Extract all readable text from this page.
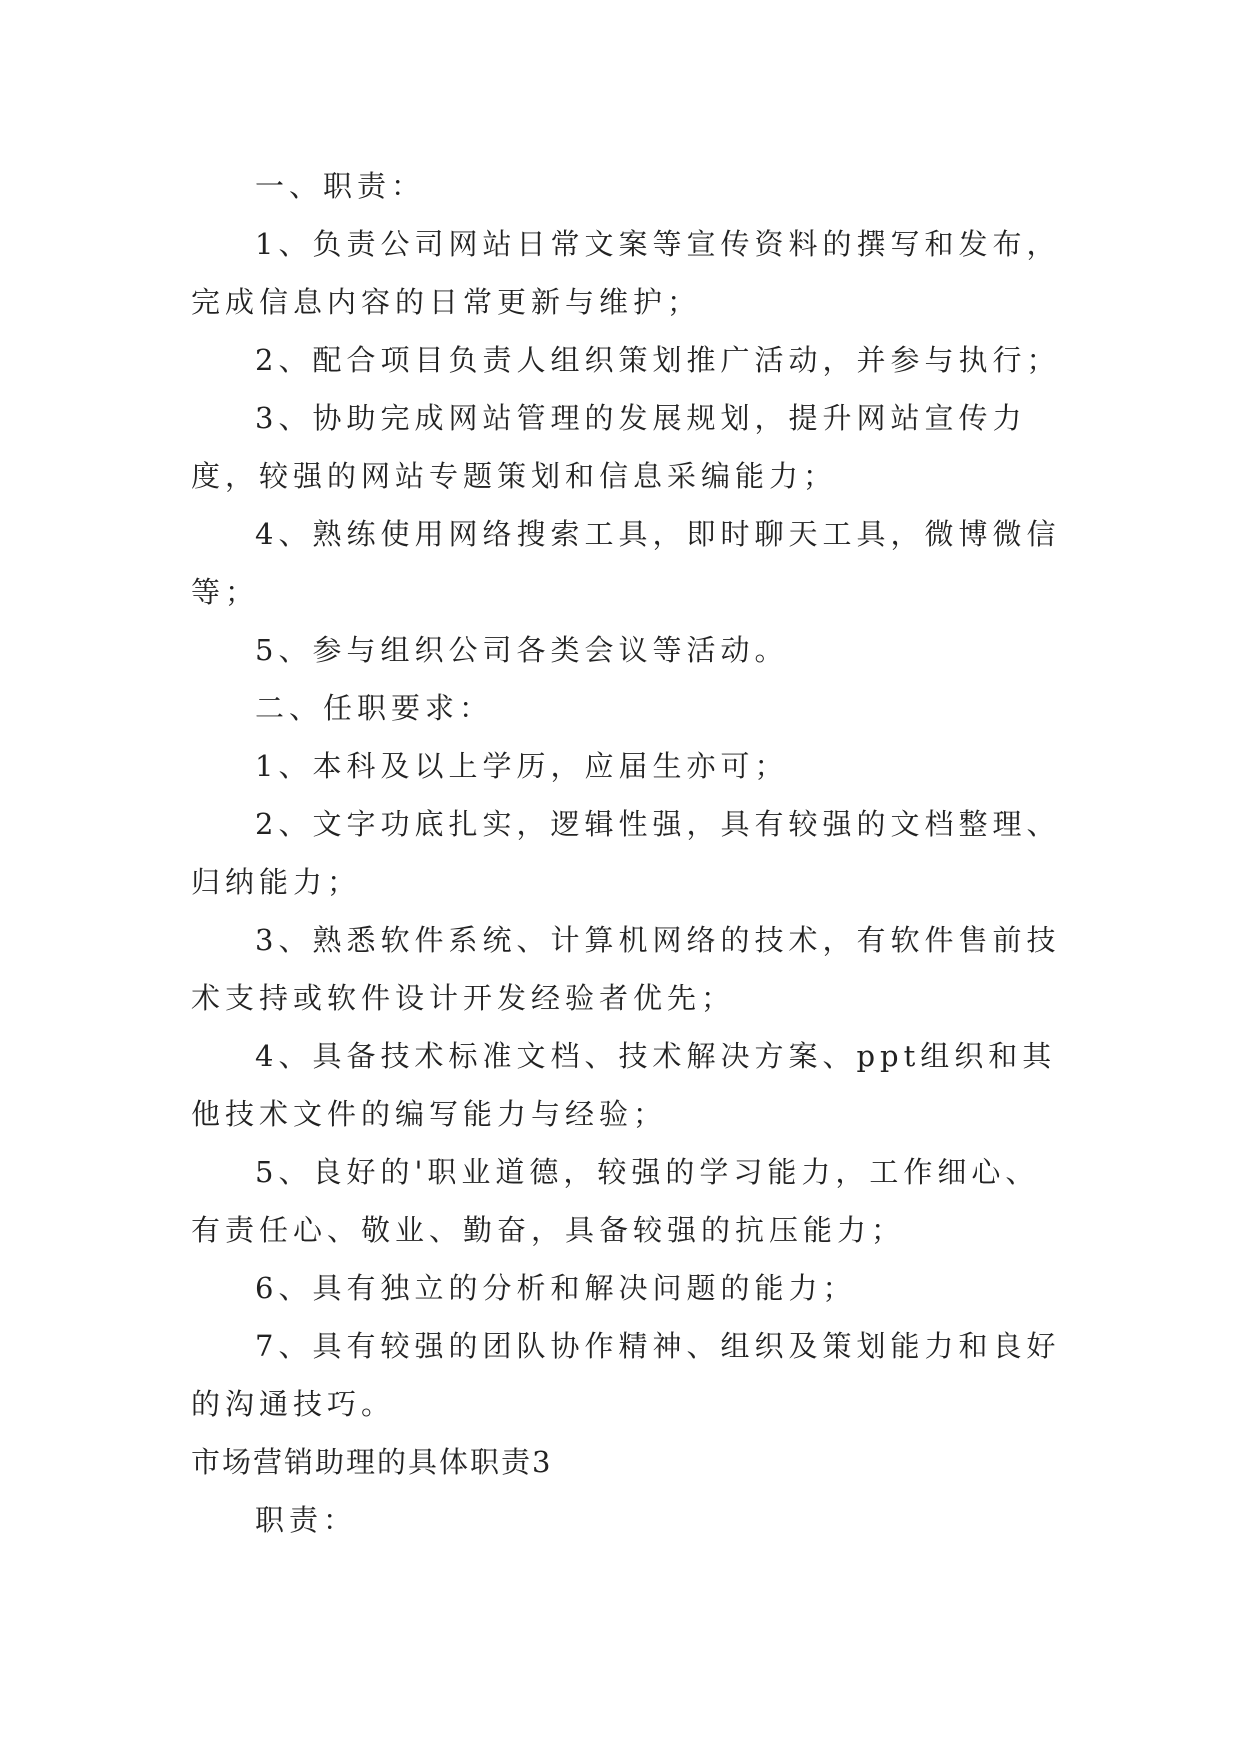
一、职责：

1、负责公司网站日常文案等宣传资料的撰写和发布，完成信息内容的日常更新与维护；

2、配合项目负责人组织策划推广活动，并参与执行；

3、协助完成网站管理的发展规划，提升网站宣传力度，较强的网站专题策划和信息采编能力；

4、熟练使用网络搜索工具，即时聊天工具，微博微信等；

5、参与组织公司各类会议等活动。

二、任职要求：

1、本科及以上学历，应届生亦可；

2、文字功底扎实，逻辑性强，具有较强的文档整理、归纳能力；

3、熟悉软件系统、计算机网络的技术，有软件售前技术支持或软件设计开发经验者优先；

4、具备技术标准文档、技术解决方案、ppt组织和其他技术文件的编写能力与经验；

5、良好的'职业道德，较强的学习能力，工作细心、有责任心、敬业、勤奋，具备较强的抗压能力；

6、具有独立的分析和解决问题的能力；

7、具有较强的团队协作精神、组织及策划能力和良好的沟通技巧。

市场营销助理的具体职责3

职责：
